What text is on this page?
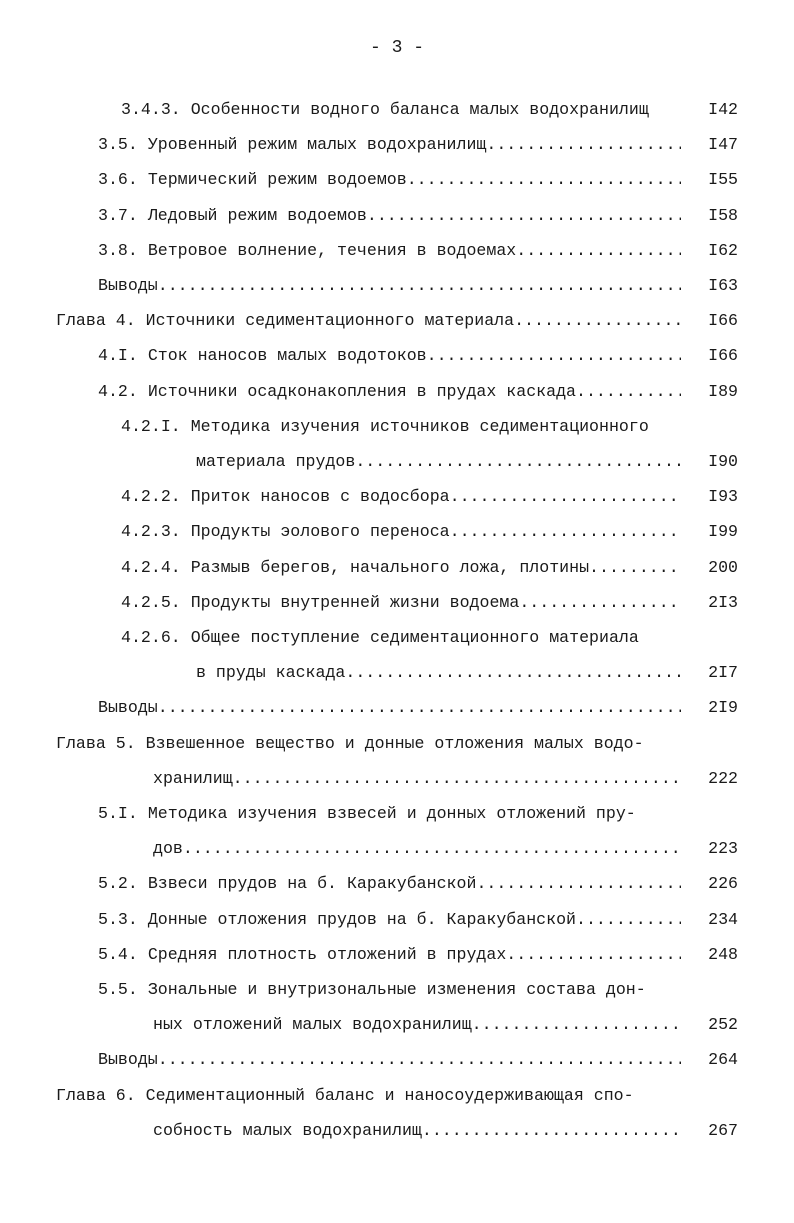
- 3 -
3.4.3.
Особенности водного баланса малых водохранилищ	I42
3.5.
Уровенный режим малых водохранилищ .....	I47
3.6.
Термический режим водоемов .....	I55
3.7.
Ледовый режим водоемов .....	I58
3.8.
Ветровое волнение, течения в водоемах .....	I62
Выводы .....	I63
Глава 4.
Источники седиментационного материала .....	I66
4.I.
Сток наносов малых водотоков .....	I66
4.2.
Источники осадконакопления в прудах каскада .....	I89
4.2.I.
Методика изучения источников седиментационного
материала прудов .....	I90
4.2.2.
Приток наносов с водосбора .....	I93
4.2.3.
Продукты эолового переноса .....	I99
4.2.4.
Размыв берегов, начального ложа, плотины .....	200
4.2.5.
Продукты внутренней жизни водоема .....	2I3
4.2.6.
Общее поступление седиментационного материала
в пруды каскада .....	2I7
Выводы .....	2I9
Глава 5.
Взвешенное вещество и донные отложения малых водо-
хранилищ .....	222
5.I.
Методика изучения взвесей и донных отложений пру-
дов .....	223
5.2.
Взвеси прудов на б. Каракубанской .....	226
5.3.
Донные отложения прудов на б. Каракубанской .....	234
5.4.
Средняя плотность отложений в прудах .....	248
5.5.
Зональные и внутризональные изменения состава дон-
ных отложений малых водохранилищ .....	252
Выводы .....	264
Глава 6.
Седиментационный баланс и наносоудерживающая спо-
собность малых водохранилищ .....	267
